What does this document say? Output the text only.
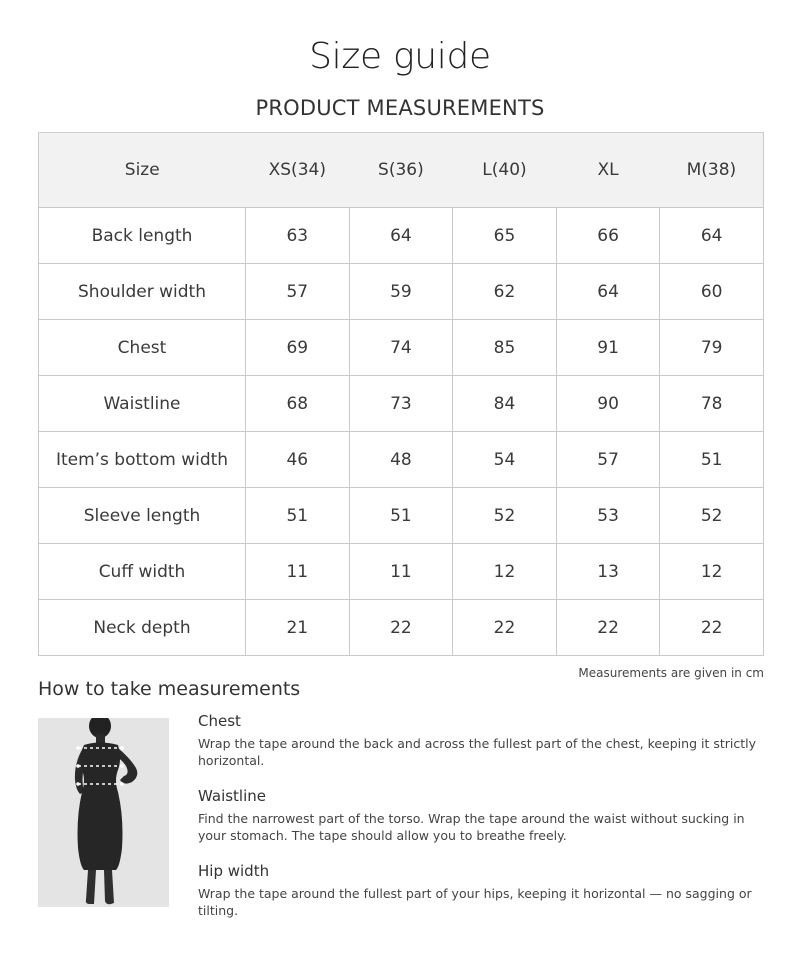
Size guide
PRODUCT MEASUREMENTS
Size	XS(34)	S(36)	L(40)	XL	M(38)
Back length	63	64	65	66	64
Shoulder width	57	59	62	64	60
Chest	69	74	85	91	79
Waistline	68	73	84	90	78
Item’s bottom width	46	48	54	57	51
Sleeve length	51	51	52	53	52
Cuff width	11	11	12	13	12
Neck depth	21	22	22	22	22
Measurements are given in cm
How to take measurements
Chest
Wrap the tape around the back and across the fullest part of the chest, keeping it strictly horizontal.
Waistline
Find the narrowest part of the torso. Wrap the tape around the waist without sucking in your stomach. The tape should allow you to breathe freely.
Hip width
Wrap the tape around the fullest part of your hips, keeping it horizontal — no sagging or tilting.
